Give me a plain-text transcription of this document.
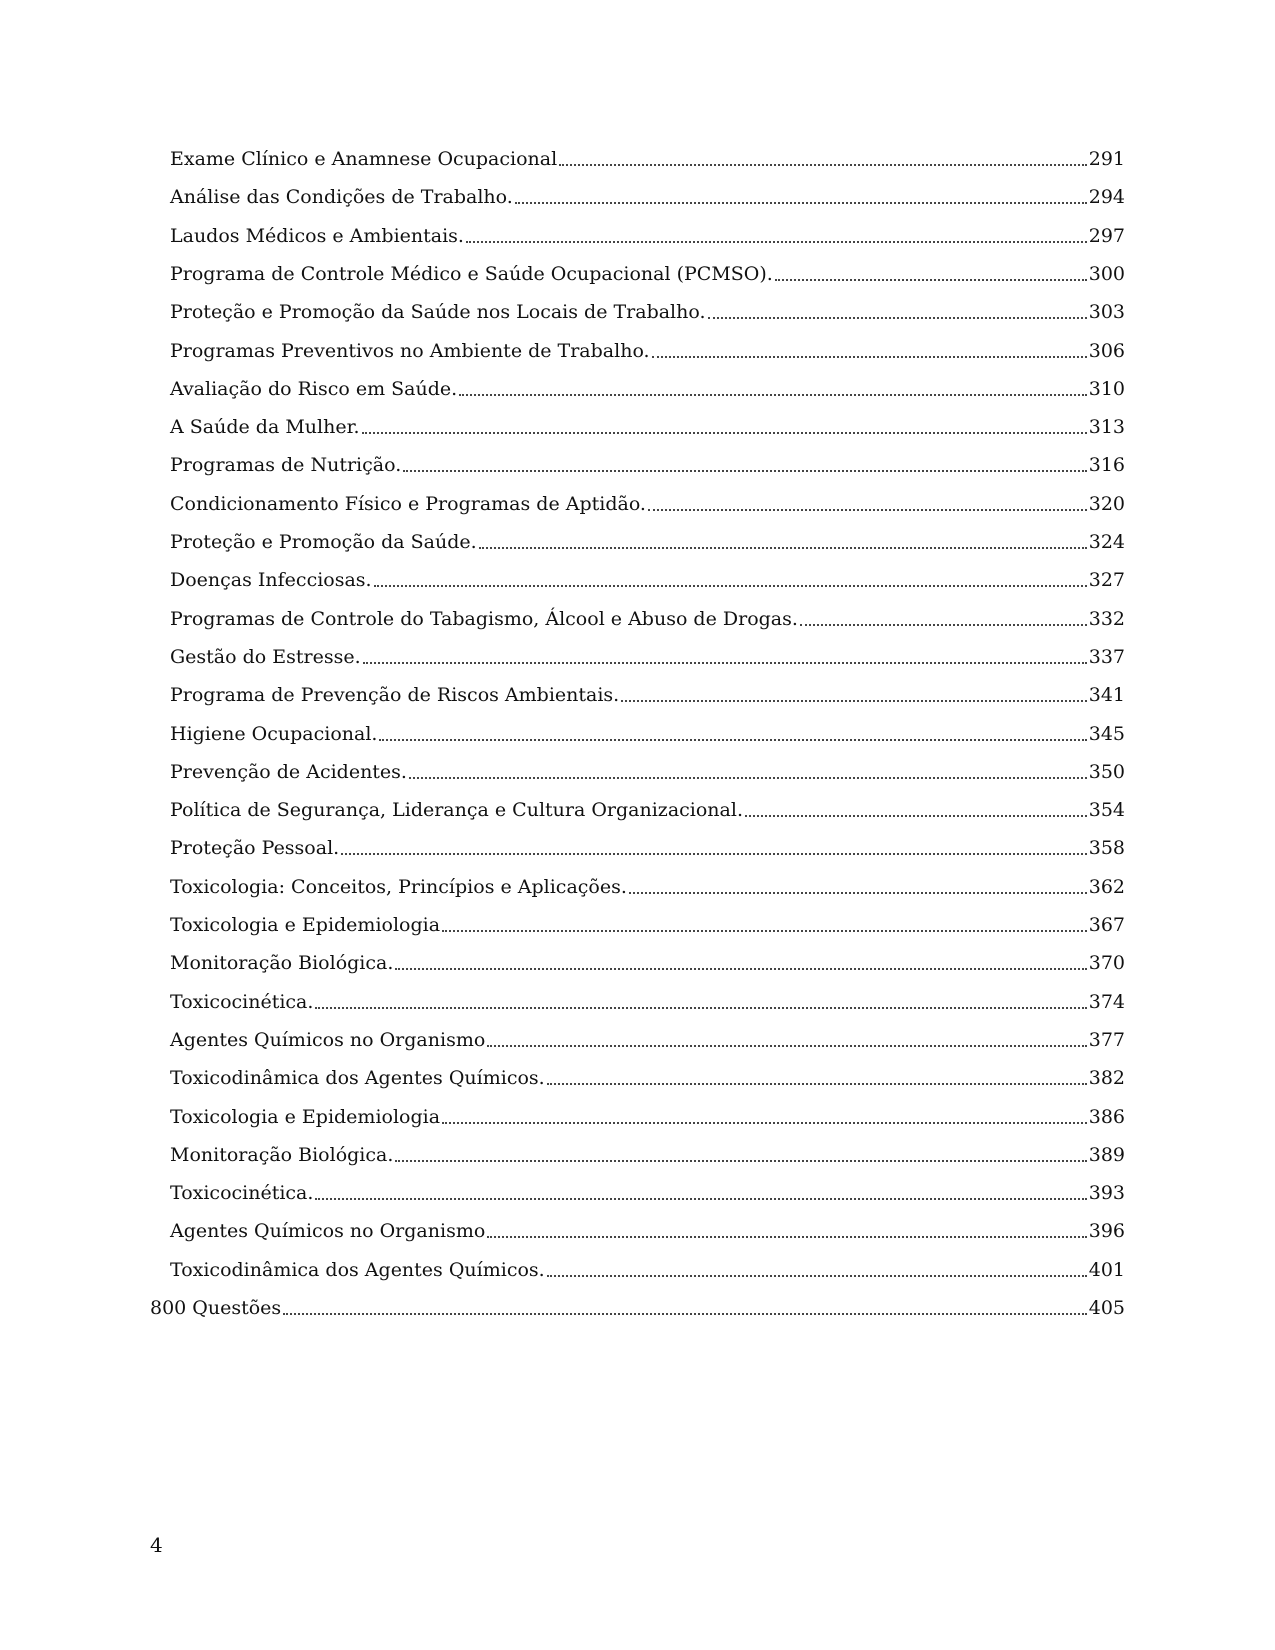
Exame Clínico e Anamnese Ocupacional	291
Análise das Condições de Trabalho.	294
Laudos Médicos e Ambientais.	297
Programa de Controle Médico e Saúde Ocupacional (PCMSO).	300
Proteção e Promoção da Saúde nos Locais de Trabalho.	303
Programas Preventivos no Ambiente de Trabalho.	306
Avaliação do Risco em Saúde.	310
A Saúde da Mulher.	313
Programas de Nutrição.	316
Condicionamento Físico e Programas de Aptidão.	320
Proteção e Promoção da Saúde.	324
Doenças Infecciosas.	327
Programas de Controle do Tabagismo, Álcool e Abuso de Drogas.	332
Gestão do Estresse.	337
Programa de Prevenção de Riscos Ambientais.	341
Higiene Ocupacional.	345
Prevenção de Acidentes.	350
Política de Segurança, Liderança e Cultura Organizacional.	354
Proteção Pessoal.	358
Toxicologia: Conceitos, Princípios e Aplicações.	362
Toxicologia e Epidemiologia	367
Monitoração Biológica.	370
Toxicocinética.	374
Agentes Químicos no Organismo	377
Toxicodinâmica dos Agentes Químicos.	382
Toxicologia e Epidemiologia	386
Monitoração Biológica.	389
Toxicocinética.	393
Agentes Químicos no Organismo	396
Toxicodinâmica dos Agentes Químicos.	401
800 Questões	405
4
